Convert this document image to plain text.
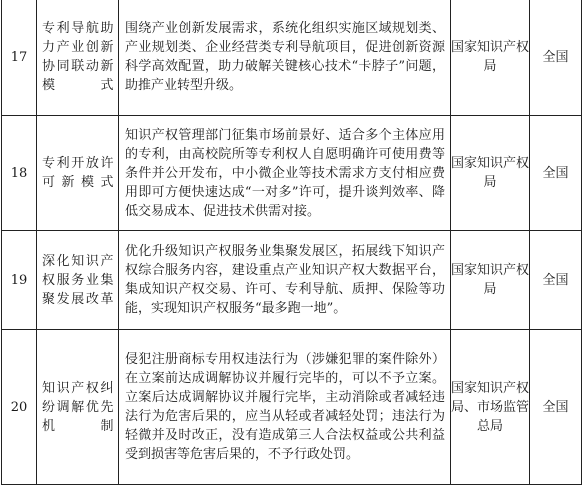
17	专利导航助力产业创新协同联动新模式	围绕产业创新发展需求，系统化组织实施区域规划类、产业规划类、企业经营类专利导航项目，促进创新资源科学高效配置，助力破解关键核心技术“卡脖子”问题，助推产业转型升级。	国家知识产权局	全国
18	专利开放许可新模式	知识产权管理部门征集市场前景好、适合多个主体应用的专利，由高校院所等专利权人自愿明确许可使用费等条件并公开发布，中小微企业等技术需求方支付相应费用即可方便快速达成“一对多”许可，提升谈判效率、降低交易成本、促进技术供需对接。	国家知识产权局	全国
19	深化知识产权服务业集聚发展改革	优化升级知识产权服务业集聚发展区，拓展线下知识产权综合服务内容，建设重点产业知识产权大数据平台，集成知识产权交易、许可、专利导航、质押、保险等功能，实现知识产权服务“最多跑一地”。	国家知识产权局	全国
20	知识产权纠纷调解优先机制	侵犯注册商标专用权违法行为（涉嫌犯罪的案件除外）在立案前达成调解协议并履行完毕的，可以不予立案。立案后达成调解协议并履行完毕，主动消除或者减轻违法行为危害后果的，应当从轻或者减轻处罚；违法行为轻微并及时改正，没有造成第三人合法权益或公共利益受到损害等危害后果的，不予行政处罚。	国家知识产权局、市场监管总局	全国
